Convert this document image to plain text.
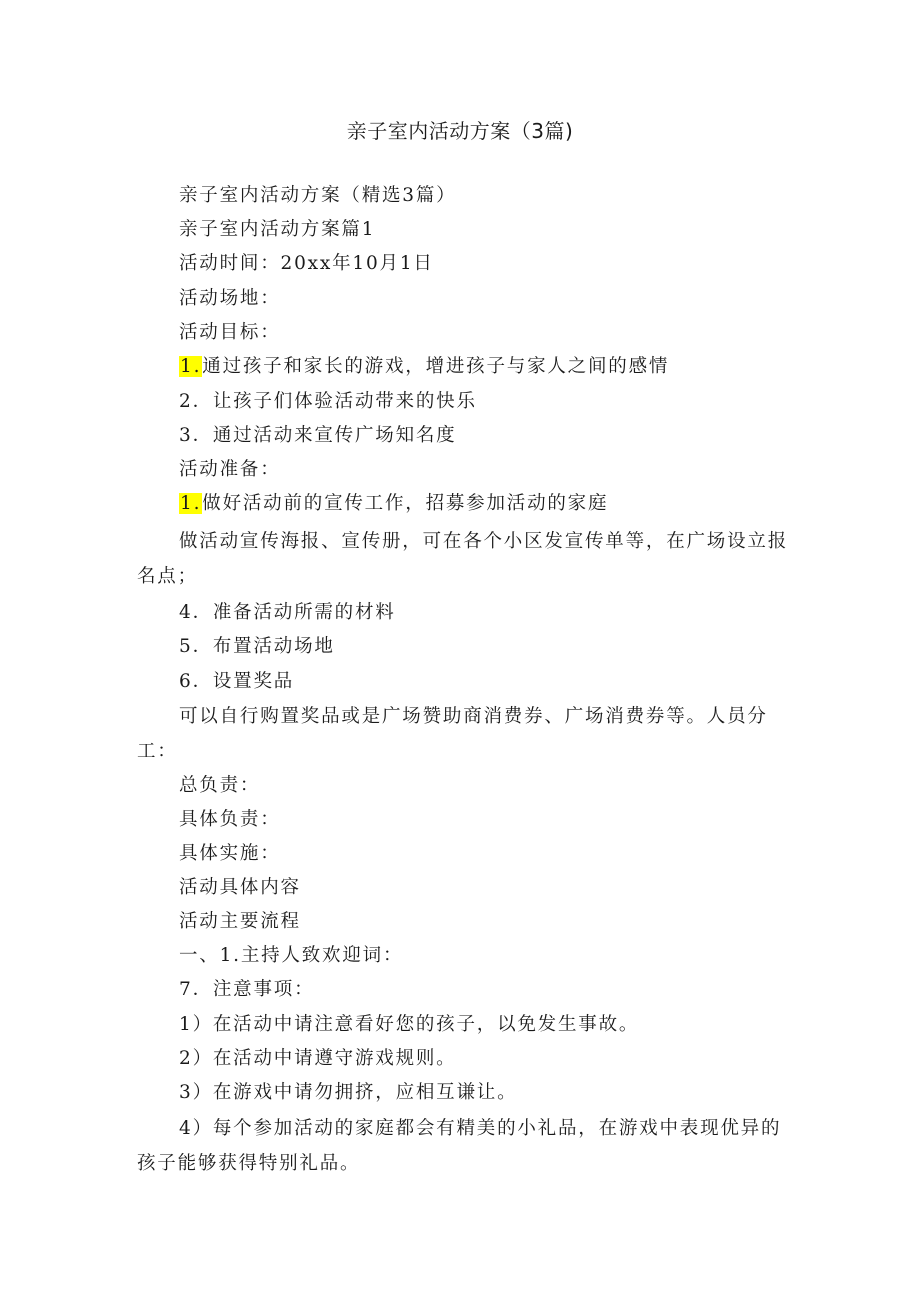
亲子室内活动方案（3篇)
亲子室内活动方案（精选3篇）
亲子室内活动方案篇1
活动时间：20xx年10月1日
活动场地：
活动目标：
1.通过孩子和家长的游戏，增进孩子与家人之间的感情
2．让孩子们体验活动带来的快乐
3．通过活动来宣传广场知名度
活动准备：
1.做好活动前的宣传工作，招募参加活动的家庭
做活动宣传海报、宣传册，可在各个小区发宣传单等，在广场设立报
名点；
4．准备活动所需的材料
5．布置活动场地
6．设置奖品
可以自行购置奖品或是广场赞助商消费券、广场消费券等。人员分
工：
总负责：
具体负责：
具体实施：
活动具体内容
活动主要流程
一、1.主持人致欢迎词：
7．注意事项：
1）在活动中请注意看好您的孩子，以免发生事故。
2）在活动中请遵守游戏规则。
3）在游戏中请勿拥挤，应相互谦让。
4）每个参加活动的家庭都会有精美的小礼品，在游戏中表现优异的
孩子能够获得特别礼品。
